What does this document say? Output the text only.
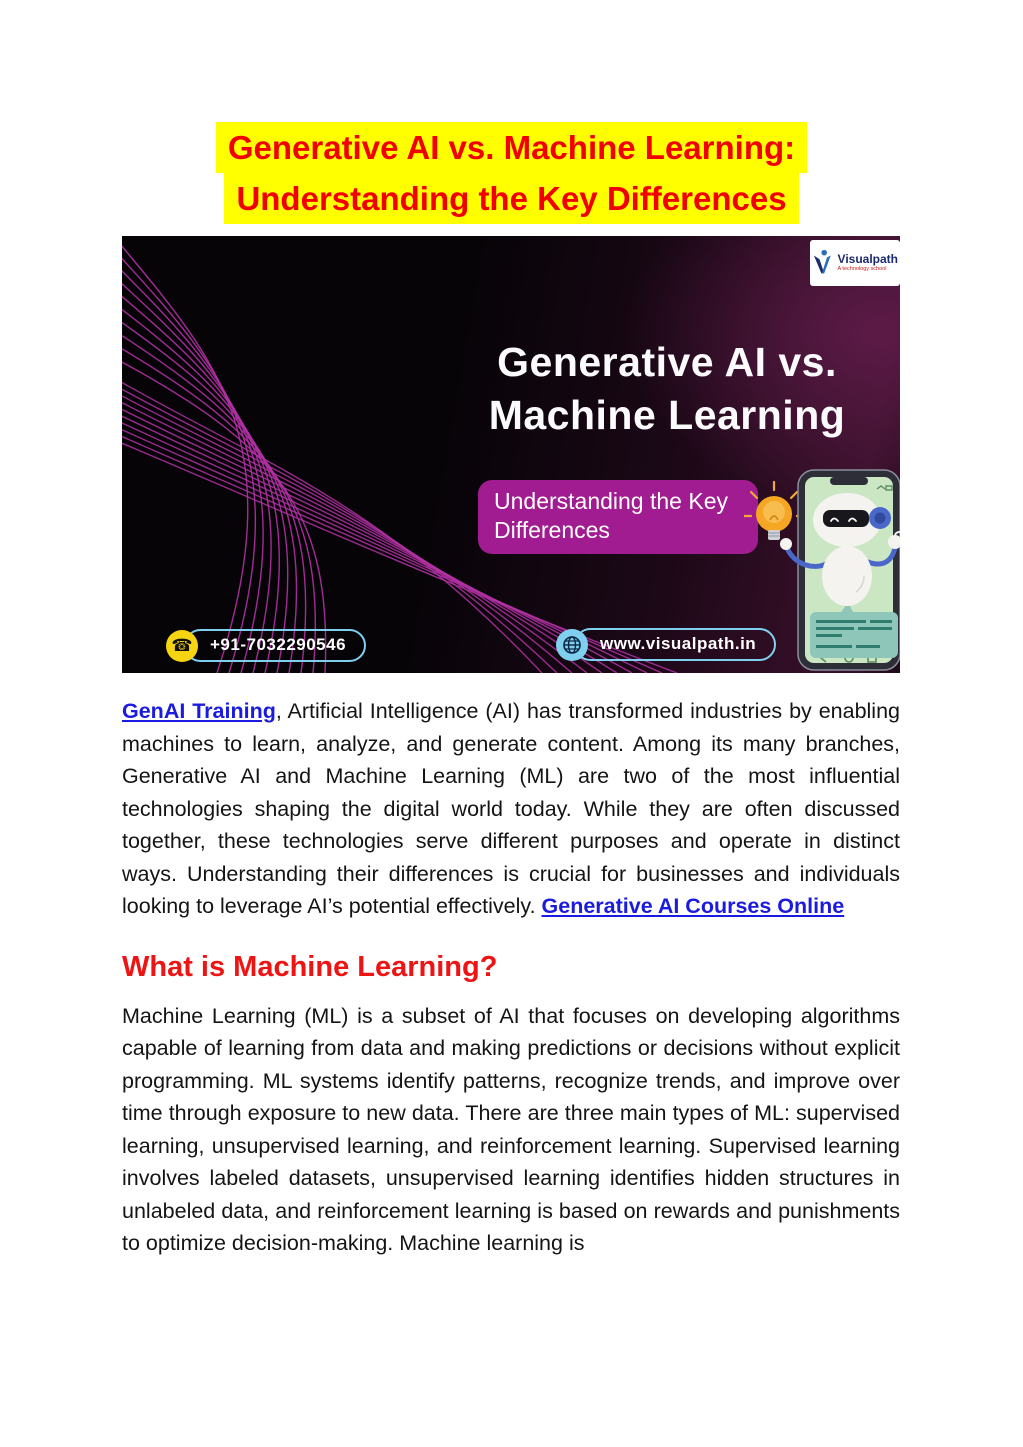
Generative AI vs. Machine Learning:
Understanding the Key Differences
Visualpath
A technology school
Generative AI vs.
Machine Learning
Understanding the Key Differences
☎	+91-7032290546	www.visualpath.in

GenAI Training, Artificial Intelligence (AI) has transformed industries by enabling machines to learn, analyze, and generate content. Among its many branches, Generative AI and Machine Learning (ML) are two of the most influential technologies shaping the digital world today. While they are often discussed together, these technologies serve different purposes and operate in distinct ways. Understanding their differences is crucial for businesses and individuals looking to leverage AI’s potential effectively. Generative AI Courses Online

What is Machine Learning?

Machine Learning (ML) is a subset of AI that focuses on developing algorithms capable of learning from data and making predictions or decisions without explicit programming. ML systems identify patterns, recognize trends, and improve over time through exposure to new data. There are three main types of ML: supervised learning, unsupervised learning, and reinforcement learning. Supervised learning involves labeled datasets, unsupervised learning identifies hidden structures in unlabeled data, and reinforcement learning is based on rewards and punishments to optimize decision-making. Machine learning is
